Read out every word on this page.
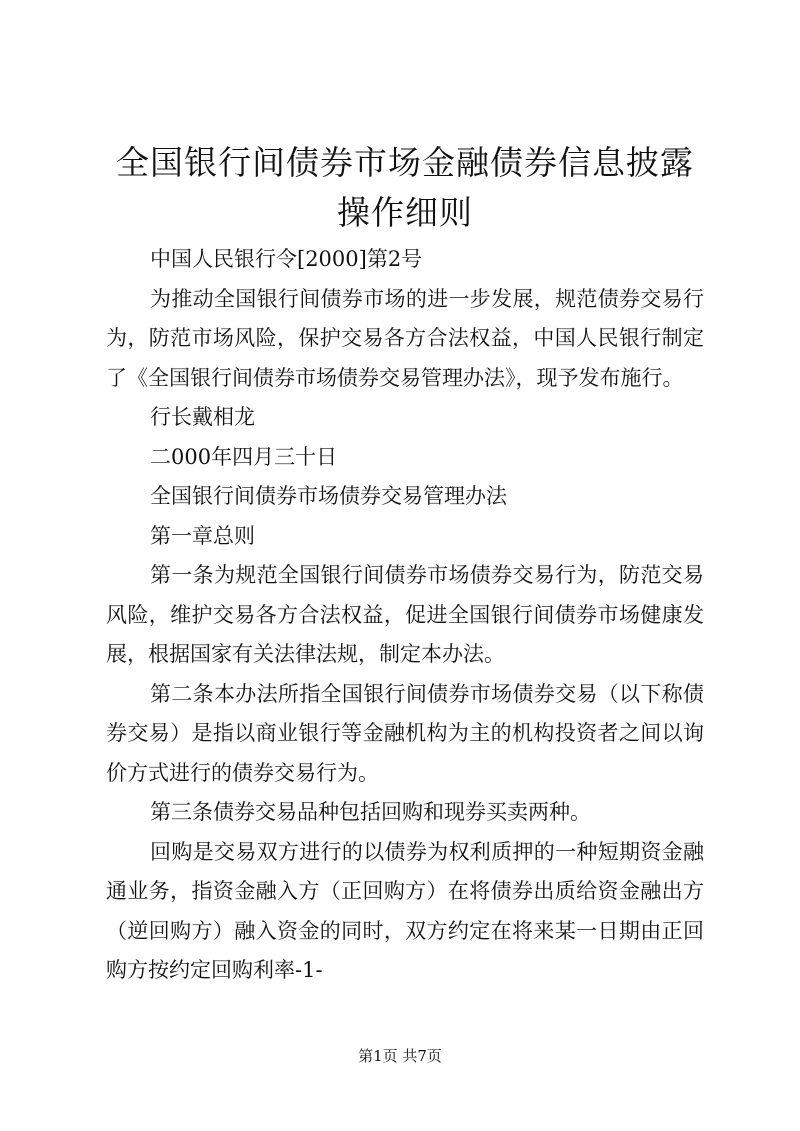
全国银行间债券市场金融债券信息披露操作细则

中国人民银行令[2000]第2号

为推动全国银行间债券市场的进一步发展，规范债券交易行为，防范市场风险，保护交易各方合法权益，中国人民银行制定了《全国银行间债券市场债券交易管理办法》，现予发布施行。

行长戴相龙

二000年四月三十日

全国银行间债券市场债券交易管理办法

第一章总则

第一条为规范全国银行间债券市场债券交易行为，防范交易风险，维护交易各方合法权益，促进全国银行间债券市场健康发展，根据国家有关法律法规，制定本办法。

第二条本办法所指全国银行间债券市场债券交易（以下称债券交易）是指以商业银行等金融机构为主的机构投资者之间以询价方式进行的债券交易行为。

第三条债券交易品种包括回购和现券买卖两种。

回购是交易双方进行的以债券为权利质押的一种短期资金融通业务，指资金融入方（正回购方）在将债券出质给资金融出方（逆回购方）融入资金的同时，双方约定在将来某一日期由正回购方按约定回购利率-1-

第1页 共7页
